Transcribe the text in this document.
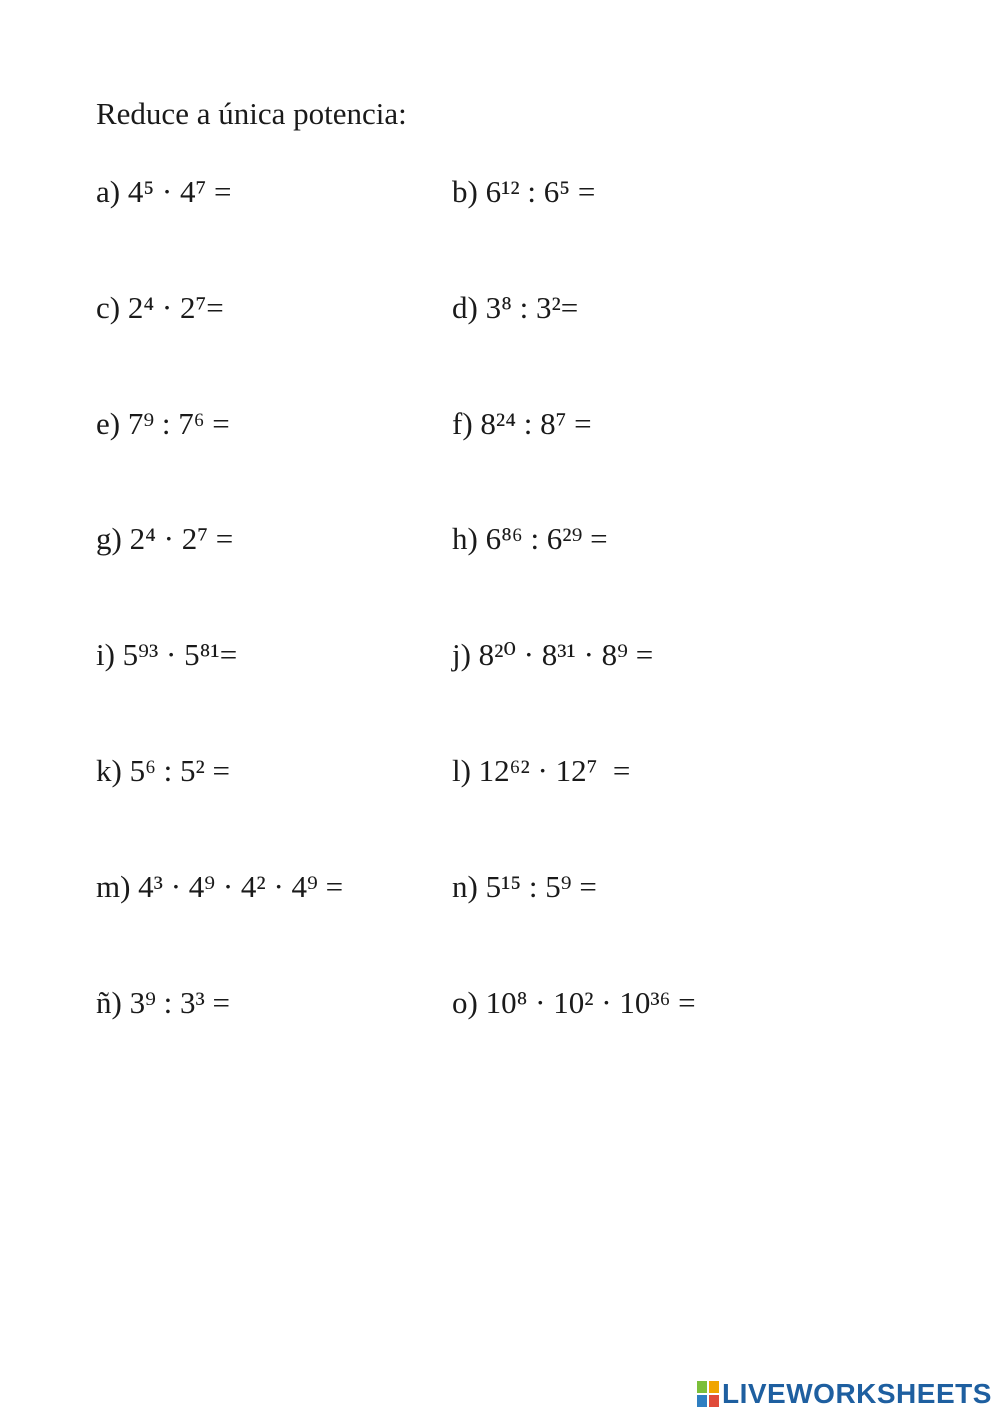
Reduce a única potencia:
a) 4⁵ · 4⁷ =	b) 6¹² : 6⁵ =
c) 2⁴ · 2⁷=	d) 3⁸ : 3²=
e) 7⁹ : 7⁶ =	f) 8²⁴ : 8⁷ =
g) 2⁴ · 2⁷ =	h) 6⁸⁶ : 6²⁹ =
i) 5⁹³ · 5⁸¹=	j) 8²⁰ · 8³¹ · 8⁹ =
k) 5⁶ : 5² =	l) 12⁶² · 12⁷  =
m) 4³ · 4⁹ · 4² · 4⁹ =	n) 5¹⁵ : 5⁹ =
ñ) 3⁹ : 3³ =	o) 10⁸ · 10² · 10³⁶ =
LIVEWORKSHEETS
